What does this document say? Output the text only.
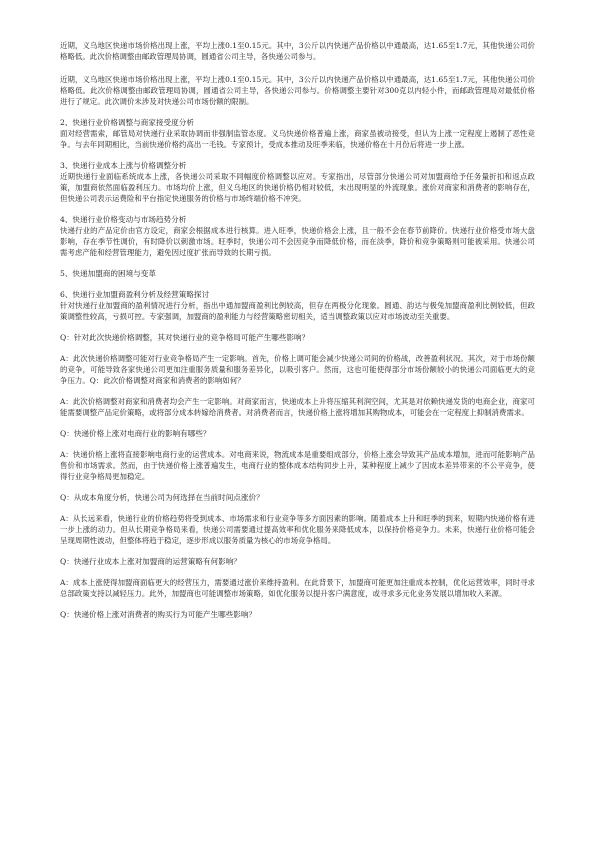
近期，义乌地区快递市场价格出现上涨，平均上涨0.1至0.15元。其中，3公斤以内快递产品价格以中通最高，达1.65至1.7元，其他快递公司价格略低。此次价格调整由邮政管理局协调，圆通省公司主导，各快递公司参与。

近期，义乌地区快递市场价格出现上涨，平均上涨0.1至0.15元。其中，3公斤以内快递产品价格以中通最高，达1.65至1.7元，其他快递公司价格略低。此次价格调整由邮政管理局协调，圆通省公司主导，各快递公司参与。价格调整主要针对300克以内轻小件，而邮政管理局对最低价格进行了规定。此次调价未涉及对快递公司市场份额的限制。

2、快递行业价格调整与商家接受度分析

面对经营需索，邮管局对快递行业采取协调而非强制监管态度。义乌快递价格普遍上涨，商家虽被动接受，但认为上涨一定程度上遏制了恶性竞争。与去年同期相比，当前快递价格约高出一毛钱。专家预计，受成本推动及旺季来临，快递价格在十月份后将进一步上涨。

3、快递行业成本上涨与价格调整分析

近期快递行业面临系统成本上涨，各快递公司采取不同幅度价格调整以应对。专家指出，尽管部分快递公司对加盟商给予任务量折扣和返点政策，加盟商依然面临盈利压力。市场均价上涨，但义乌地区的快递价格仍相对较低，未出现明显的外流现象。涨价对商家和消费者的影响存在，但快递公司表示运费险和平台指定快递服务的价格与市场终端价格不冲突。

4、快递行业价格变动与市场趋势分析

快递行业的产品定价由官方设定，商家会根据成本进行核算。进入旺季，快递价格会上涨，且一般不会在春节前降价。快递行业价格受市场大盘影响，存在季节性调价，有时降价以刺激市场。旺季时，快递公司不会因竞争而降低价格，而在淡季，降价和竞争策略则可能被采用。快递公司需考虑产能和经营管理能力，避免因过度扩张而导致的长期亏损。

5、快递加盟商的困境与变革

6、快递行业加盟商盈利分析及经营策略探讨

针对快递行业加盟商的盈利情况进行分析，指出中通加盟商盈利比例较高，但存在两极分化现象。圆通、韵达与极兔加盟商盈利比例较低，但政策调整性较高，亏损可控。专家强调，加盟商的盈利能力与经营策略密切相关，适当调整政策以应对市场波动至关重要。

Q：针对此次快递价格调整，其对快递行业的竞争格局可能产生哪些影响？

A：此次快递价格调整可能对行业竞争格局产生一定影响。首先，价格上调可能会减少快递公司间的价格战，改善盈利状况。其次，对于市场份额的竞争，可能导致各家快递公司更加注重服务质量和服务差异化，以吸引客户。然而，这也可能使得部分市场份额较小的快递公司面临更大的竞争压力。Q：此次价格调整对商家和消费者的影响如何？

A：此次价格调整对商家和消费者均会产生一定影响。对商家而言，快递成本上升将压缩其利润空间，尤其是对依赖快递发货的电商企业，商家可能需要调整产品定价策略，或将部分成本转嫁给消费者。对消费者而言，快递价格上涨将增加其购物成本，可能会在一定程度上抑制消费需求。

Q：快递价格上涨对电商行业的影响有哪些？

A：快递价格上涨将直接影响电商行业的运营成本。对电商来说，物流成本是重要组成部分，价格上涨会导致其产品成本增加，进而可能影响产品售价和市场需求。然而，由于快递价格上涨普遍发生，电商行业的整体成本结构同步上升，某种程度上减少了因成本差异带来的不公平竞争，使得行业竞争格局更加稳定。

Q：从成本角度分析，快递公司为何选择在当前时间点涨价？

A：从长远来看，快递行业的价格趋势将受到成本、市场需求和行业竞争等多方面因素的影响。随着成本上升和旺季的到来，短期内快递价格有进一步上涨的动力。但从长期竞争格局来看，快递公司需要通过提高效率和优化服务来降低成本，以保持价格竞争力。未来，快递行业价格可能会呈现周期性波动，但整体将趋于稳定，逐步形成以服务质量为核心的市场竞争格局。

Q：快递行业成本上涨对加盟商的运营策略有何影响？

A：成本上涨使得加盟商面临更大的经营压力，需要通过涨价来维持盈利。在此背景下，加盟商可能更加注重成本控制，优化运营效率，同时寻求总部政策支持以减轻压力。此外，加盟商也可能调整市场策略，如优化服务以提升客户满意度，或寻求多元化业务发展以增加收入来源。

Q：快递价格上涨对消费者的购买行为可能产生哪些影响？
